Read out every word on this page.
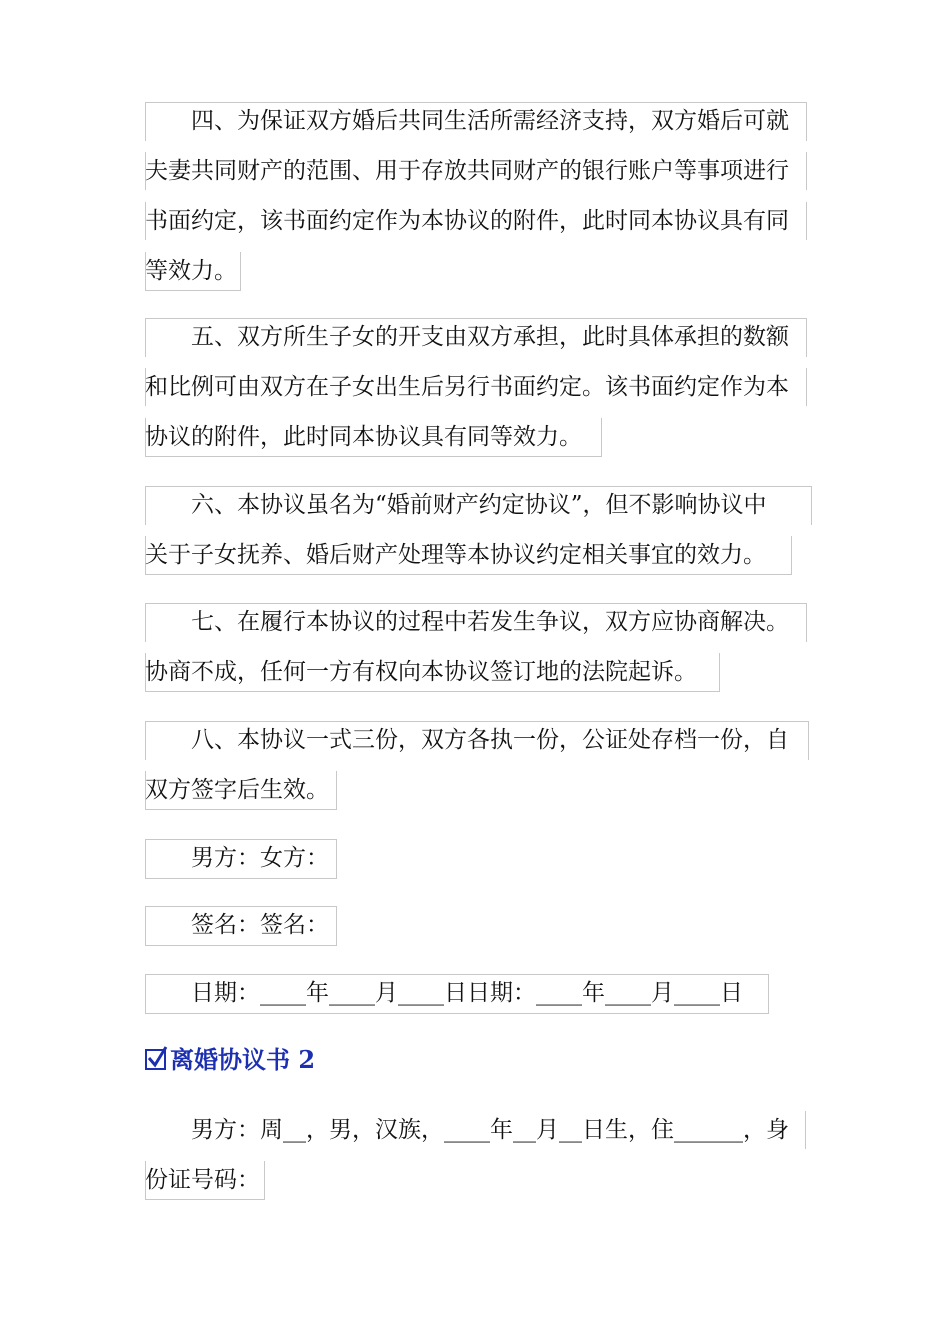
四、为保证双方婚后共同生活所需经济支持，双方婚后可就
夫妻共同财产的范围、用于存放共同财产的银行账户等事项进行
书面约定，该书面约定作为本协议的附件，此时同本协议具有同
等效力。
五、双方所生子女的开支由双方承担，此时具体承担的数额
和比例可由双方在子女出生后另行书面约定。该书面约定作为本
协议的附件，此时同本协议具有同等效力。
六、本协议虽名为“婚前财产约定协议”，但不影响协议中
关于子女抚养、婚后财产处理等本协议约定相关事宜的效力。
七、在履行本协议的过程中若发生争议，双方应协商解决。
协商不成，任何一方有权向本协议签订地的法院起诉。
八、本协议一式三份，双方各执一份，公证处存档一份，自
双方签字后生效。
男方：女方：
签名：签名：
日期：____年____月____日日期：____年____月____日
离婚协议书 2
男方：周__，男，汉族，____年__月__日生，住______，身
份证号码：
